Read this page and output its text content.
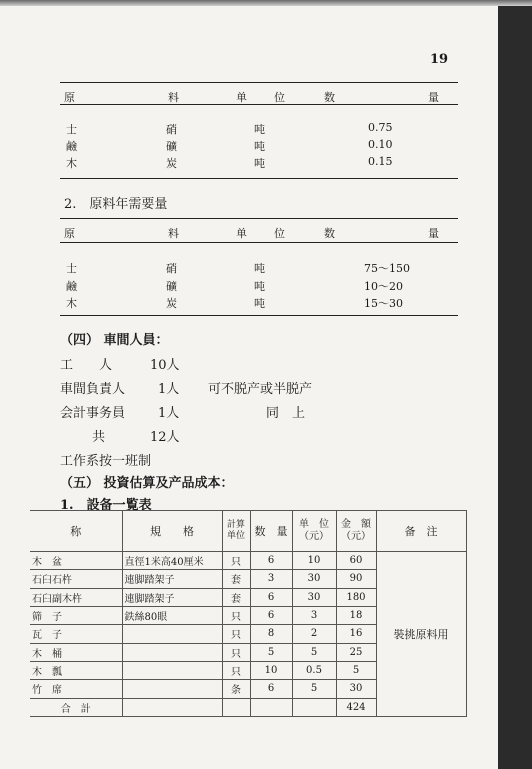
19
原	料	单 位	数	量
士	硝	吨	0.75
鹼	礦	吨	0.10
木	炭	吨	0.15
2.　原料年需要量
原	料	单 位	数	量
士	硝	吨	75～150
鹼	礦	吨	10～20
木	炭	吨	15～30
（四） 車間人員：
工　　人	10人
車間負責人	1人 可不脱产或半脱产
会計事务員	1人	同　上
共	12人
工作系按一班制
（五） 投資估算及产品成本：
1.　設备一覧表
称	規　　格	計算单位	数　量	单　位（元）	金　額（元）	备　注
木　盆	直徑1米高40厘米	只	6	10	60	裝挑原料用
石臼石杵	連脚踏架子	套	3	30	90	
石臼副木杵	連脚踏架子	套	6	30	180	
筛　子	鉄絲80眼	只	6	3	18	
瓦　子		只	8	2	16	
木　桶		只	5	5	25	
木　瓢		只	10	0.5	5	
竹　席		条	6	5	30	
合　計					424	
